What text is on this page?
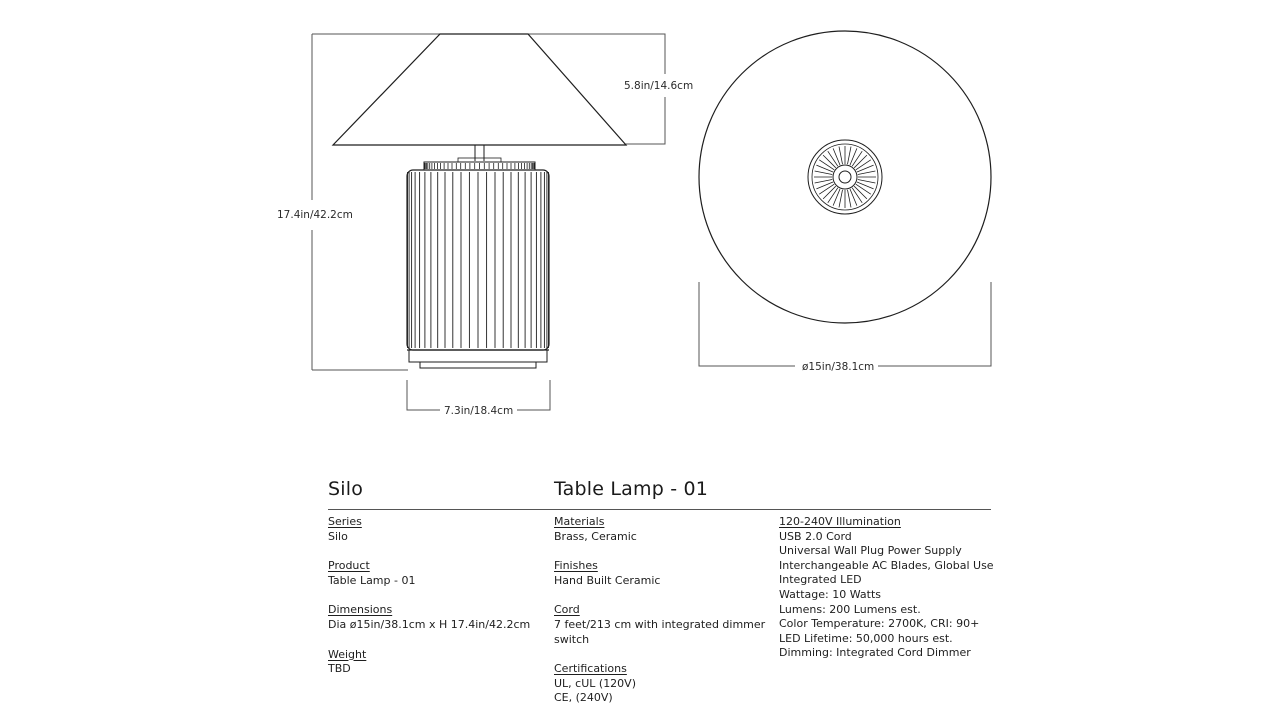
5.8in/14.6cm
17.4in/42.2cm
7.3in/18.4cm
ø15in/38.1cm
Silo	Table Lamp - 01
Series
Silo
Product
Table Lamp - 01
Dimensions
Dia ø15in/38.1cm x H 17.4in/42.2cm
Weight
TBD
Materials
Brass, Ceramic
Finishes
Hand Built Ceramic
Cord
7 feet/213 cm with integrated dimmer
switch
Certifications
UL, cUL (120V)
CE, (240V)
120-240V Illumination
USB 2.0 Cord
Universal Wall Plug Power Supply
Interchangeable AC Blades, Global Use
Integrated LED
Wattage: 10 Watts
Lumens: 200 Lumens est.
Color Temperature: 2700K, CRI: 90+
LED Lifetime: 50,000 hours est.
Dimming: Integrated Cord Dimmer
